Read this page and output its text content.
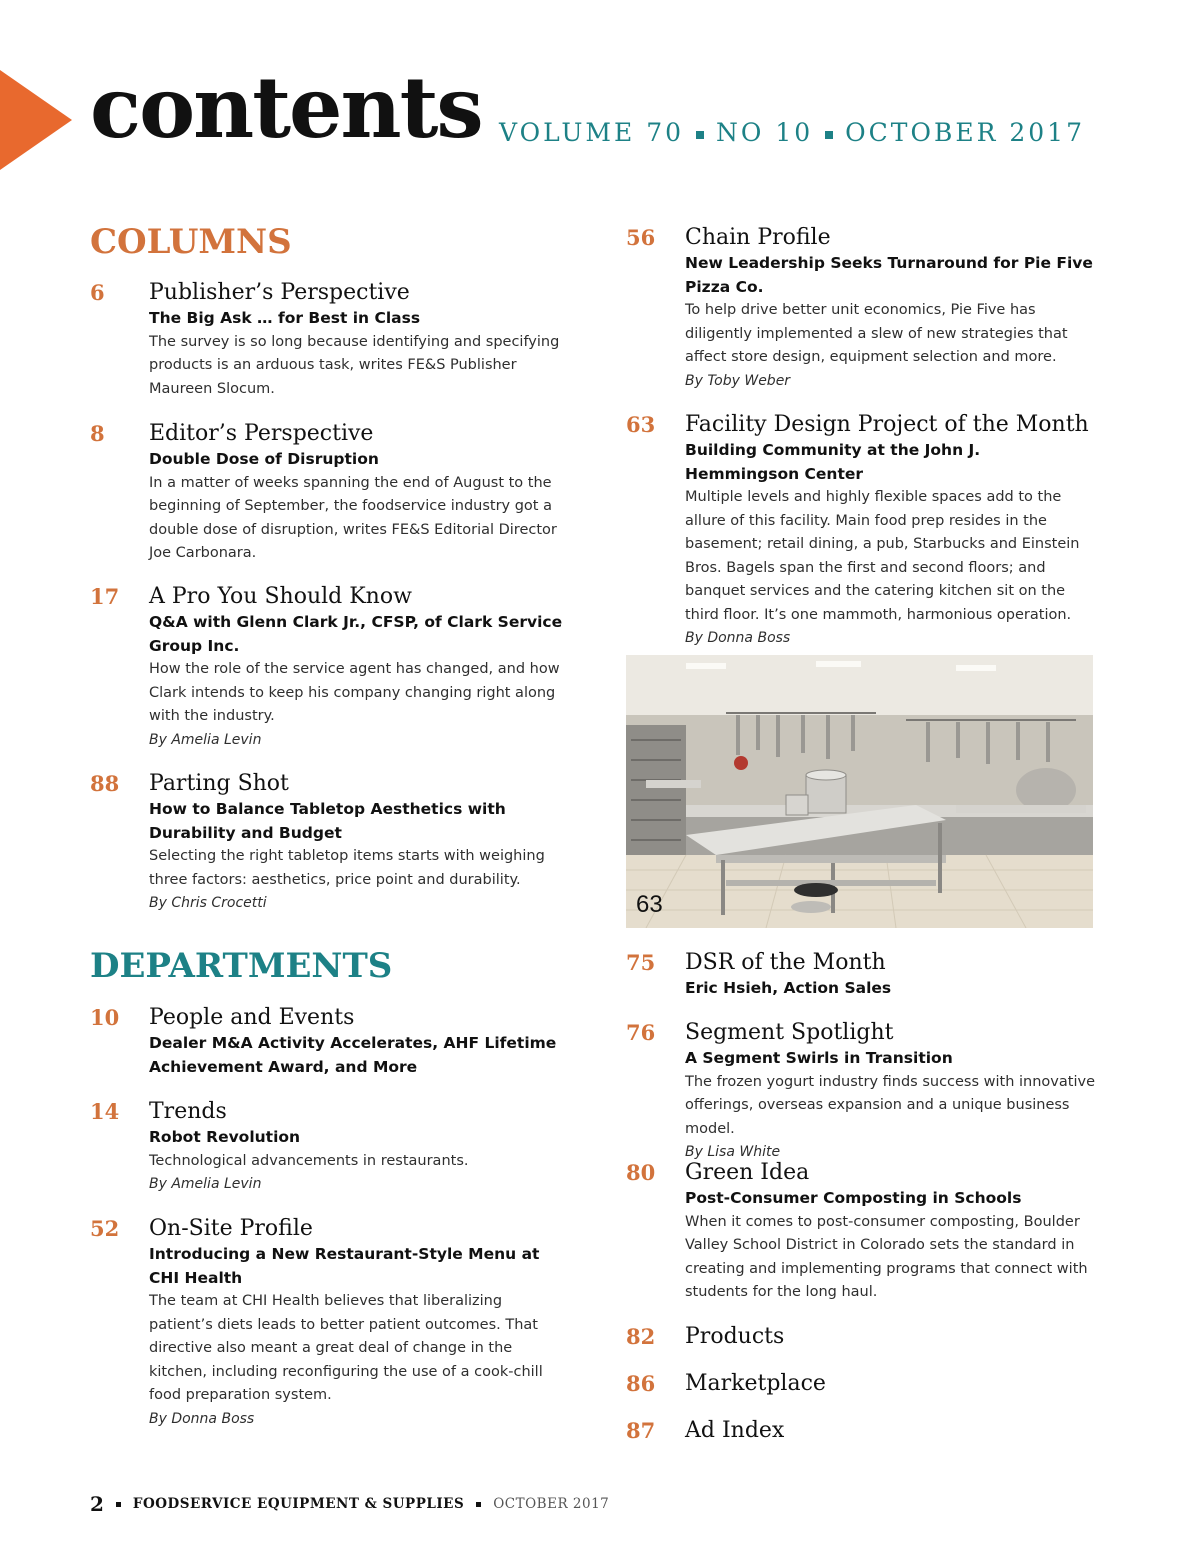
contents VOLUME 70 NO 10 OCTOBER 2017
COLUMNS
DEPARTMENTS
6 Publisher’s Perspective
The Big Ask … for Best in Class
The survey is so long because identifying and specifying products is an arduous task, writes FE&S Publisher Maureen Slocum.
8 Editor’s Perspective
Double Dose of Disruption
In a matter of weeks spanning the end of August to the beginning of September, the foodservice industry got a double dose of disruption, writes FE&S Editorial Director Joe Carbonara.
17 A Pro You Should Know
Q&A with Glenn Clark Jr., CFSP, of Clark Service Group Inc.
How the role of the service agent has changed, and how Clark intends to keep his company changing right along with the industry.
By Amelia Levin
88 Parting Shot
How to Balance Tabletop Aesthetics with Durability and Budget
Selecting the right tabletop items starts with weighing three factors: aesthetics, price point and durability.
By Chris Crocetti
10 People and Events
Dealer M&A Activity Accelerates, AHF Lifetime Achievement Award, and More
14 Trends
Robot Revolution
Technological advancements in restaurants.
By Amelia Levin
52 On-Site Profile
Introducing a New Restaurant-Style Menu at CHI Health
The team at CHI Health believes that liberalizing patient’s diets leads to better patient outcomes. That directive also meant a great deal of change in the kitchen, including reconfiguring the use of a cook-chill food preparation system.
By Donna Boss
56 Chain Profile
New Leadership Seeks Turnaround for Pie Five Pizza Co.
To help drive better unit economics, Pie Five has diligently implemented a slew of new strategies that affect store design, equipment selection and more.
By Toby Weber
63 Facility Design Project of the Month
Building Community at the John J. Hemmingson Center
Multiple levels and highly flexible spaces add to the allure of this facility. Main food prep resides in the basement; retail dining, a pub, Starbucks and Einstein Bros. Bagels span the first and second floors; and banquet services and the catering kitchen sit on the third floor. It’s one mammoth, harmonious operation.
By Donna Boss
63
75 DSR of the Month
Eric Hsieh, Action Sales
76 Segment Spotlight
A Segment Swirls in Transition
The frozen yogurt industry finds success with innovative offerings, overseas expansion and a unique business model.
By Lisa White
80 Green Idea
Post-Consumer Composting in Schools
When it comes to post-consumer composting, Boulder Valley School District in Colorado sets the standard in creating and implementing programs that connect with students for the long haul.
82 Products
86 Marketplace
87 Ad Index
2 FOODSERVICE EQUIPMENT & SUPPLIES OCTOBER 2017
